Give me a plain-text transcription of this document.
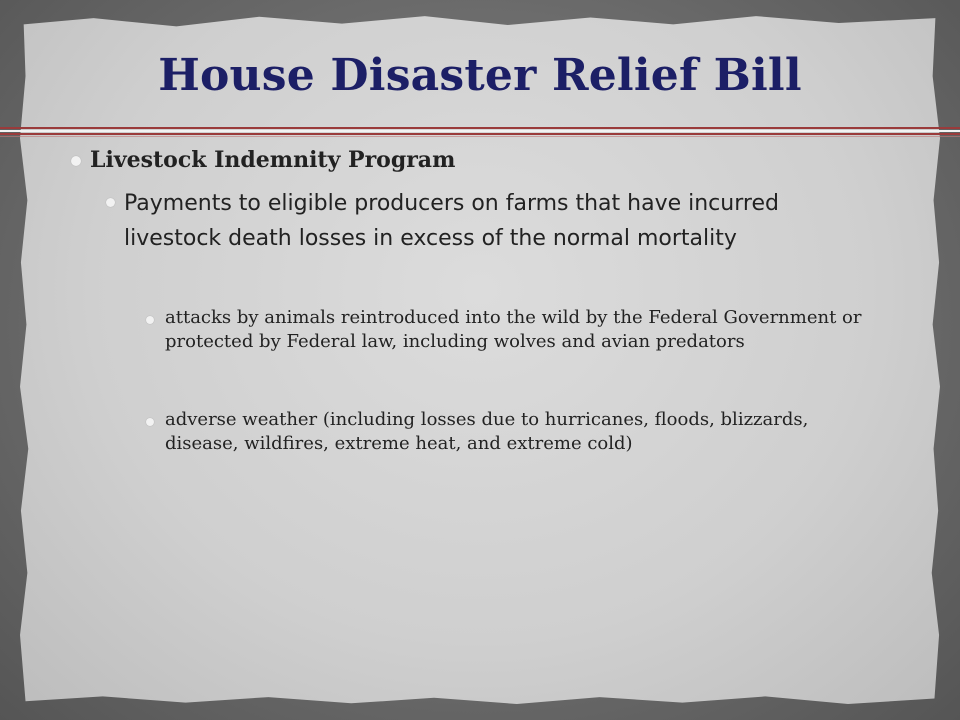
House Disaster Relief Bill
Livestock Indemnity Program
Payments to eligible producers on farms that have incurred livestock death losses in excess of the normal mortality
attacks by animals reintroduced into the wild by the Federal Government or protected by Federal law, including wolves and avian predators
adverse weather (including losses due to hurricanes, floods, blizzards, disease, wildfires, extreme heat, and extreme cold)
